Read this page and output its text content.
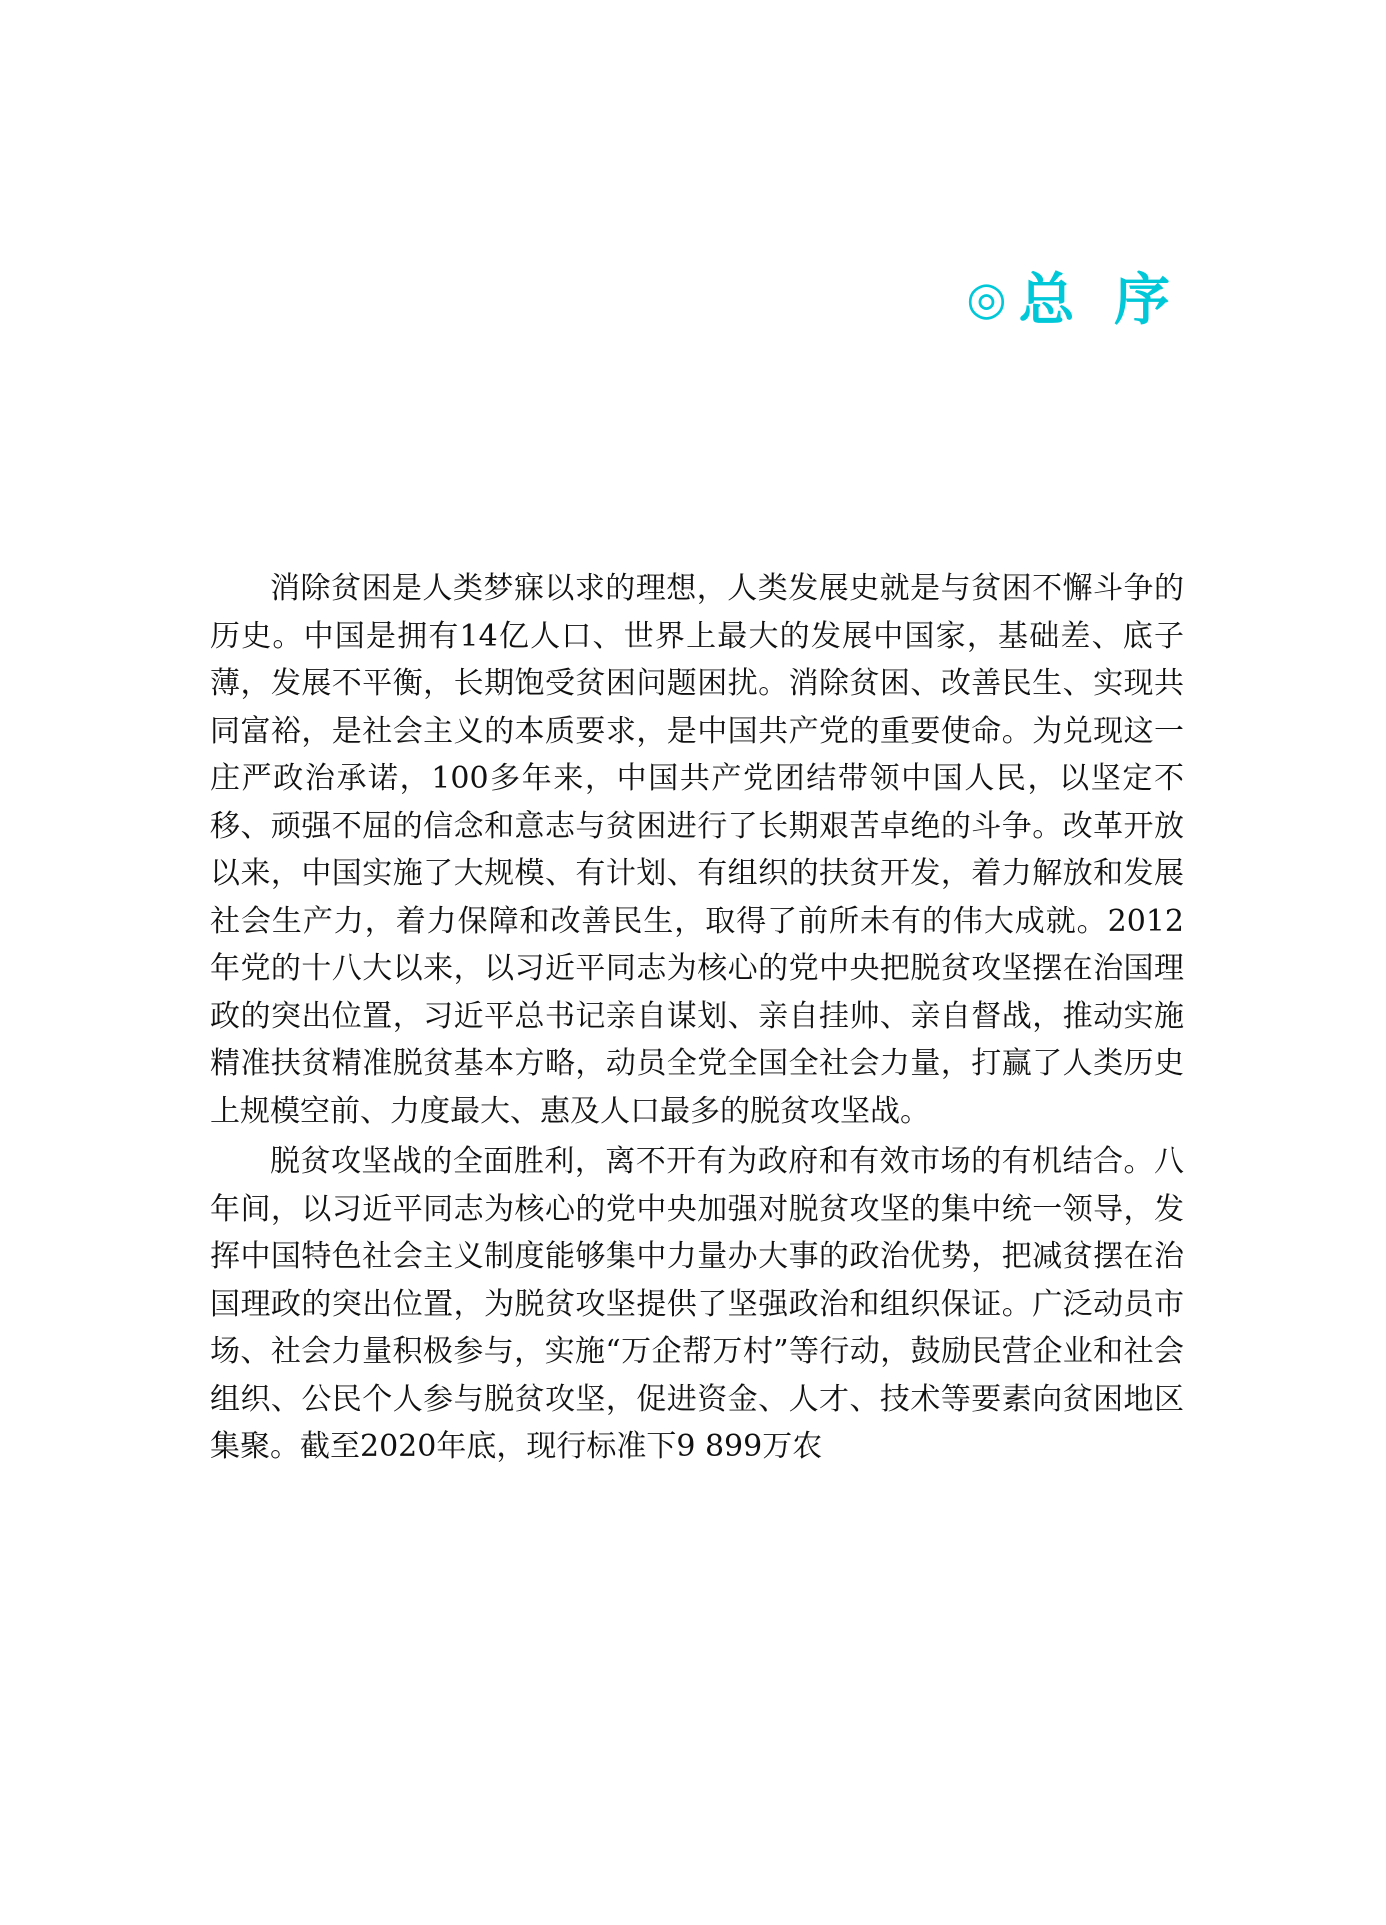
◎ 总 序

消除贫困是人类梦寐以求的理想，人类发展史就是与贫困不懈斗争的历史。中国是拥有14亿人口、世界上最大的发展中国家，基础差、底子薄，发展不平衡，长期饱受贫困问题困扰。消除贫困、改善民生、实现共同富裕，是社会主义的本质要求，是中国共产党的重要使命。为兑现这一庄严政治承诺，100多年来，中国共产党团结带领中国人民，以坚定不移、顽强不屈的信念和意志与贫困进行了长期艰苦卓绝的斗争。改革开放以来，中国实施了大规模、有计划、有组织的扶贫开发，着力解放和发展社会生产力，着力保障和改善民生，取得了前所未有的伟大成就。2012年党的十八大以来，以习近平同志为核心的党中央把脱贫攻坚摆在治国理政的突出位置，习近平总书记亲自谋划、亲自挂帅、亲自督战，推动实施精准扶贫精准脱贫基本方略，动员全党全国全社会力量，打赢了人类历史上规模空前、力度最大、惠及人口最多的脱贫攻坚战。

脱贫攻坚战的全面胜利，离不开有为政府和有效市场的有机结合。八年间，以习近平同志为核心的党中央加强对脱贫攻坚的集中统一领导，发挥中国特色社会主义制度能够集中力量办大事的政治优势，把减贫摆在治国理政的突出位置，为脱贫攻坚提供了坚强政治和组织保证。广泛动员市场、社会力量积极参与，实施“万企帮万村”等行动，鼓励民营企业和社会组织、公民个人参与脱贫攻坚，促进资金、人才、技术等要素向贫困地区集聚。截至2020年底，现行标准下9 899万农
